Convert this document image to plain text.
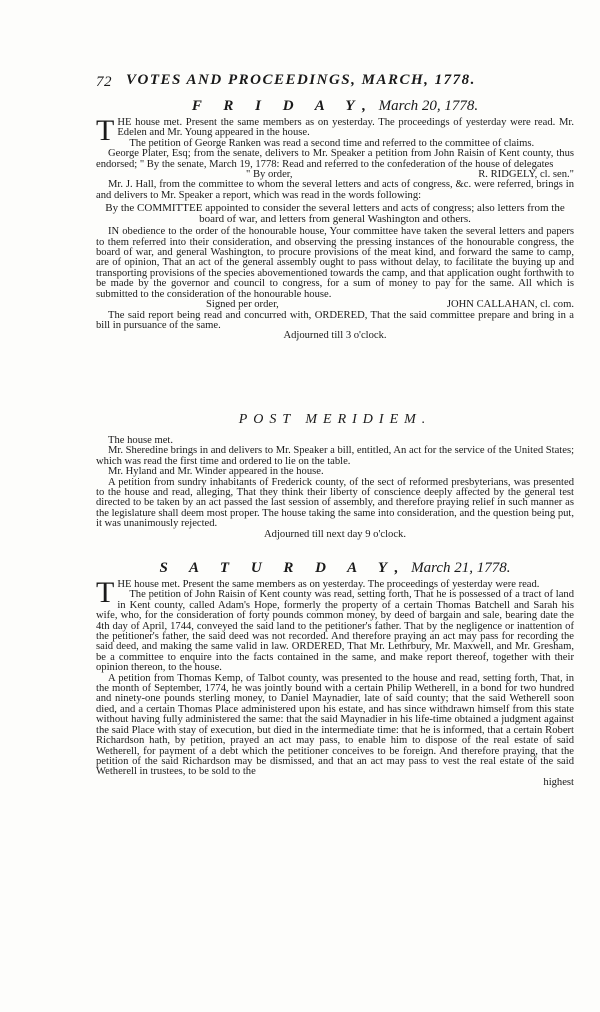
72 VOTES AND PROCEEDINGS, MARCH, 1778.
F R I D A Y, March 20, 1778.

THE house met. Present the same members as on yesterday. The proceedings of yesterday were read. Mr. Edelen and Mr. Young appeared in the house.

The petition of George Ranken was read a second time and referred to the committee of claims.

George Plater, Esq; from the senate, delivers to Mr. Speaker a petition from John Raisin of Kent county, thus endorsed; " By the senate, March 19, 1778: Read and referred to the confederation of the house of delegates

" By order,	R. RIDGELY, cl. sen."

Mr. J. Hall, from the committee to whom the several letters and acts of congress, &c. were referred, brings in and delivers to Mr. Speaker a report, which was read in the words following:

By the COMMITTEE appointed to consider the several letters and acts of congress; also letters from the board of war, and letters from general Washington and others.

IN obedience to the order of the honourable house, Your committee have taken the several letters and papers to them referred into their consideration, and observing the pressing instances of the honourable congress, the board of war, and general Washington, to procure provisions of the meat kind, and forward the same to camp, are of opinion, That an act of the general assembly ought to pass without delay, to facilitate the buying up and transporting provisions of the species abovementioned towards the camp, and that application ought forthwith to be made by the governor and council to congress, for a sum of money to pay for the same. All which is submitted to the consideration of the honourable house.

Signed per order,	JOHN CALLAHAN, cl. com.

The said report being read and concurred with, ORDERED, That the said committee prepare and bring in a bill in pursuance of the same.

Adjourned till 3 o'clock.

POST MERIDIEM.

The house met.

Mr. Sheredine brings in and delivers to Mr. Speaker a bill, entitled, An act for the service of the United States; which was read the first time and ordered to lie on the table.

Mr. Hyland and Mr. Winder appeared in the house.

A petition from sundry inhabitants of Frederick county, of the sect of reformed presbyterians, was presented to the house and read, alleging, That they think their liberty of conscience deeply affected by the general test directed to be taken by an act passed the last session of assembly, and therefore praying relief in such manner as the legislature shall deem most proper. The house taking the same into consideration, and the question being put, it was unanimously rejected.

Adjourned till next day 9 o'clock.

S A T U R D A Y, March 21, 1778.

THE house met. Present the same members as on yesterday. The proceedings of yesterday were read.

The petition of John Raisin of Kent county was read, setting forth, That he is possessed of a tract of land in Kent county, called Adam's Hope, formerly the property of a certain Thomas Batchell and Sarah his wife, who, for the consideration of forty pounds common money, by deed of bargain and sale, bearing date the 4th day of April, 1744, conveyed the said land to the petitioner's father. That by the negligence or inattention of the petitioner's father, the said deed was not recorded. And therefore praying an act may pass for recording the said deed, and making the same valid in law. ORDERED, That Mr. Lethrbury, Mr. Maxwell, and Mr. Gresham, be a committee to enquire into the facts contained in the same, and make report thereof, together with their opinion thereon, to the house.

A petition from Thomas Kemp, of Talbot county, was presented to the house and read, setting forth, That, in the month of September, 1774, he was jointly bound with a certain Philip Wetherell, in a bond for two hundred and ninety-one pounds sterling money, to Daniel Maynadier, late of said county; that the said Wetherell soon died, and a certain Thomas Place administered upon his estate, and has since withdrawn himself from this state without having fully administered the same: that the said Maynadier in his life-time obtained a judgment against the said Place with stay of execution, but died in the intermediate time: that he is informed, that a certain Robert Richardson hath, by petition, prayed an act may pass, to enable him to dispose of the real estate of said Wetherell, for payment of a debt which the petitioner conceives to be foreign. And therefore praying, that the petition of the said Richardson may be dismissed, and that an act may pass to vest the real estate of the said Wetherell in trustees, to be sold to the

highest
